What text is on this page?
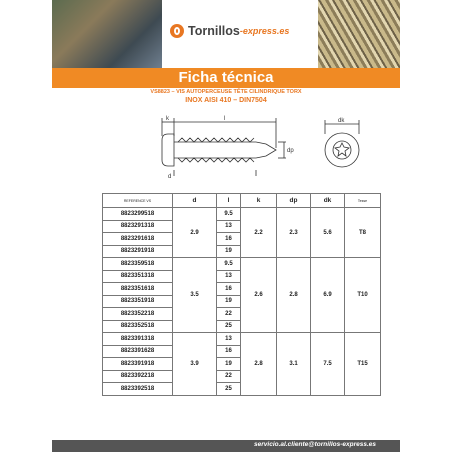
Tornillos -express.es
Ficha técnica
VS8823 – VIS AUTOPERCEUSE TÊTE CILINDRIQUE TORX
INOX AISI 410 – DIN7504
k	l
dp
dk
d
REFERENCE VS	d	l	k	dp	dk	Tesse
8823299518	2.9	9.5	2.2	2.3	5.6	T8
8823291318		13				
8823291618		16				
8823291918		19				
8823359518	3.5	9.5	2.6	2.8	6.9	T10
8823351318		13				
8823351618		16				
8823351918		19				
8823352218		22				
8823352518		25				
8823391318	3.9	13	2.8	3.1	7.5	T15
8823391628		16				
8823391918		19				
8823392218		22				
8823392518		25				
servicio.al.cliente@tornillos-express.es
